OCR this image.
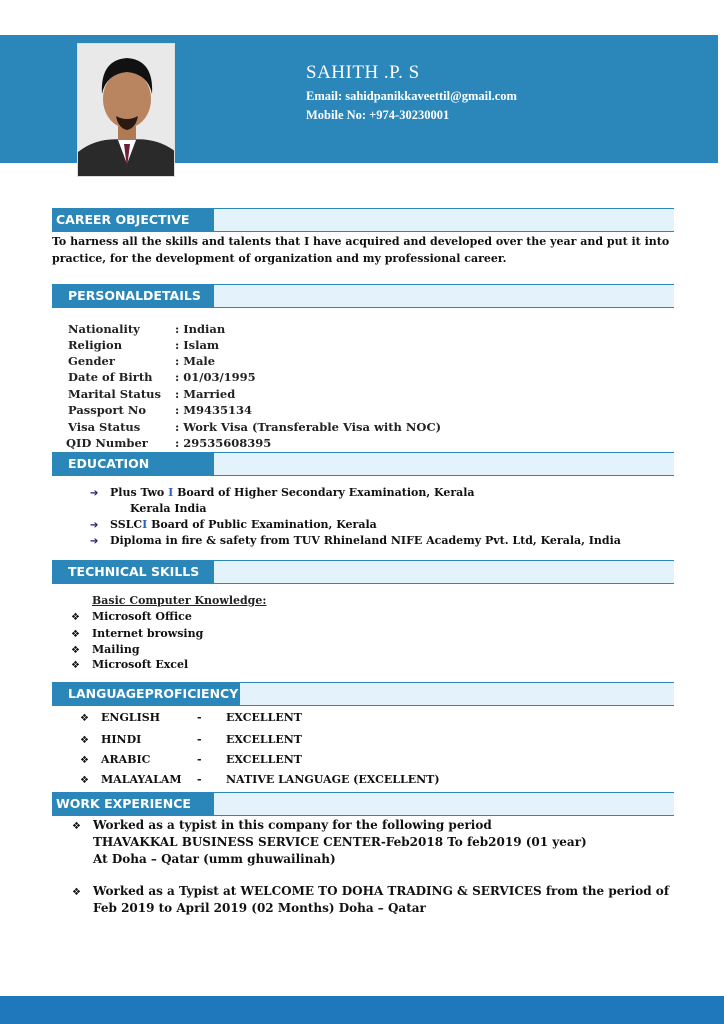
SAHITH .P. S
Email: sahidpanikkaveettil@gmail.com
Mobile No: +974-30230001
CAREER OBJECTIVE
To harness all the skills and talents that I have acquired and developed over the year and put it into
practice, for the development of organization and my professional career.
PERSONALDETAILS
Nationality	: Indian
Religion	: Islam
Gender	: Male
Date of Birth : 01/03/1995
Marital Status : Married
Passport No	: M9435134
Visa Status	: Work Visa (Transferable Visa with NOC)
QID Number: 29535608395
EDUCATION
➔ Plus Two I Board of Higher Secondary Examination, Kerala
Kerala India
➔ SSLCI Board of Public Examination, Kerala
➔ Diploma in fire & safety from TUV Rhineland NIFE Academy Pvt. Ltd, Kerala, India
TECHNICAL SKILLS
Basic Computer Knowledge:
❖ Microsoft Office
❖ Internet browsing
❖ Mailing
❖ Microsoft Excel
LANGUAGEPROFICIENCY
❖ ENGLISH	- EXCELLENT
❖ HINDI	- EXCELLENT
❖ ARABIC	- EXCELLENT
❖ MALAYALAM - NATIVE LANGUAGE (EXCELLENT)
WORK EXPERIENCE
❖ Worked as a typist in this company for the following period
THAVAKKAL BUSINESS SERVICE CENTER-Feb2018 To feb2019 (01 year)
At Doha – Qatar (umm ghuwailinah)
❖ Worked as a Typist at WELCOME TO DOHA TRADING & SERVICES from the period of
Feb 2019 to April 2019 (02 Months) Doha – Qatar
